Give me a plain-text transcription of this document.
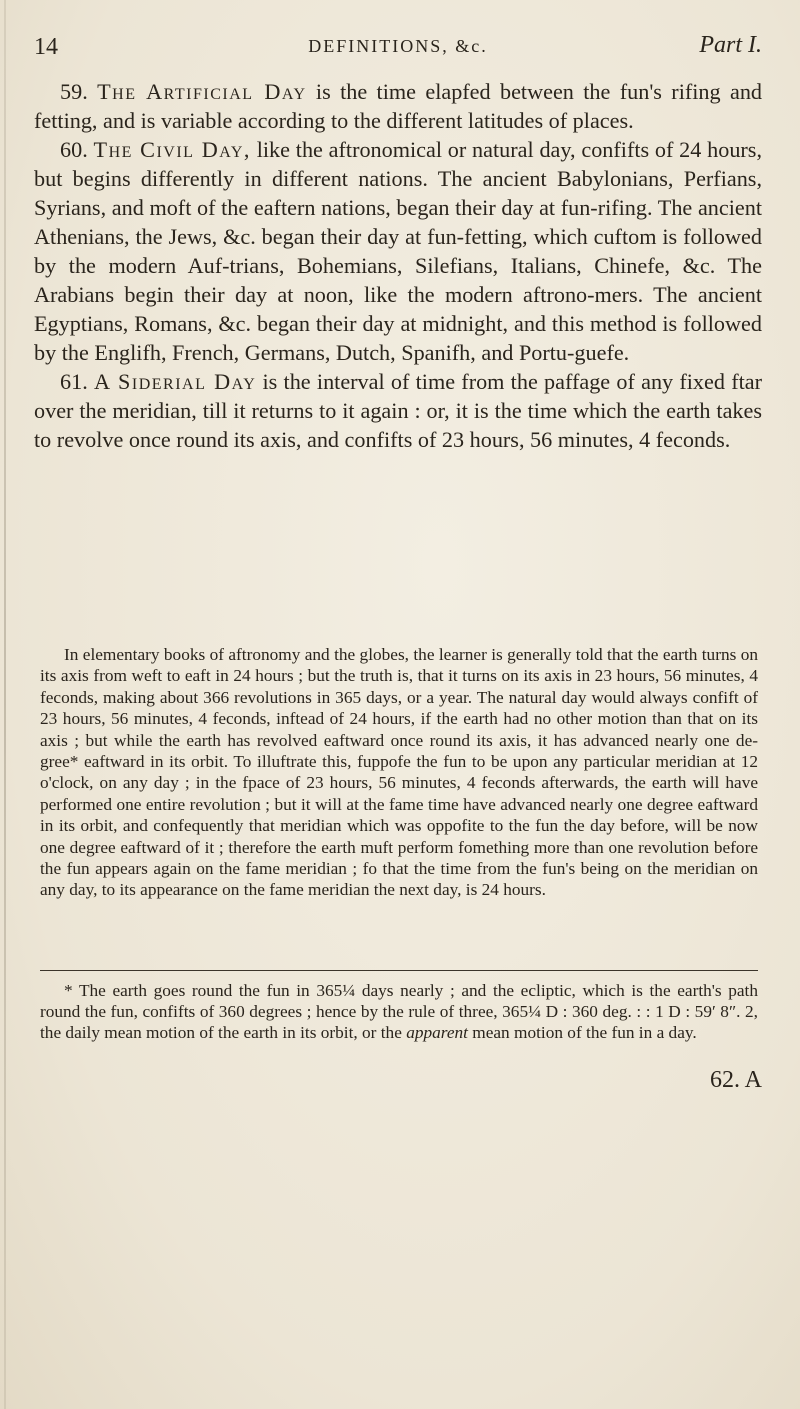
14	DEFINITIONS, &c.	Part I.

59. The Artificial Day is the time elapfed between the fun's rifing and fetting, and is variable according to the different latitudes of places.

60. The Civil Day, like the aftronomical or natural day, confifts of 24 hours, but begins differently in different nations. The ancient Babylonians, Perfians, Syrians, and moft of the eaftern nations, began their day at fun-rifing. The ancient Athenians, the Jews, &c. began their day at fun-fetting, which cuftom is followed by the modern Auf-trians, Bohemians, Silefians, Italians, Chinefe, &c. The Arabians begin their day at noon, like the modern aftrono-mers. The ancient Egyptians, Romans, &c. began their day at midnight, and this method is followed by the Englifh, French, Germans, Dutch, Spanifh, and Portu-guefe.

61. A Siderial Day is the interval of time from the paffage of any fixed ftar over the meridian, till it returns to it again : or, it is the time which the earth takes to revolve once round its axis, and confifts of 23 hours, 56 minutes, 4 feconds.

In elementary books of aftronomy and the globes, the learner is generally told that the earth turns on its axis from weft to eaft in 24 hours ; but the truth is, that it turns on its axis in 23 hours, 56 minutes, 4 feconds, making about 366 revolutions in 365 days, or a year. The natural day would always confift of 23 hours, 56 minutes, 4 feconds, inftead of 24 hours, if the earth had no other motion than that on its axis ; but while the earth has revolved eaftward once round its axis, it has advanced nearly one de-gree* eaftward in its orbit. To illuftrate this, fuppofe the fun to be upon any particular meridian at 12 o'clock, on any day ; in the fpace of 23 hours, 56 minutes, 4 feconds afterwards, the earth will have performed one entire revolution ; but it will at the fame time have advanced nearly one degree eaftward in its orbit, and confequently that meridian which was oppofite to the fun the day before, will be now one degree eaftward of it ; therefore the earth muft perform fomething more than one revolution before the fun appears again on the fame meridian ; fo that the time from the fun's being on the meridian on any day, to its appearance on the fame meridian the next day, is 24 hours.

* The earth goes round the fun in 365¼ days nearly ; and the ecliptic, which is the earth's path round the fun, confifts of 360 degrees ; hence by the rule of three, 365¼ D : 360 deg. : : 1 D : 59′ 8″. 2, the daily mean motion of the earth in its orbit, or the apparent mean motion of the fun in a day.

62. A
